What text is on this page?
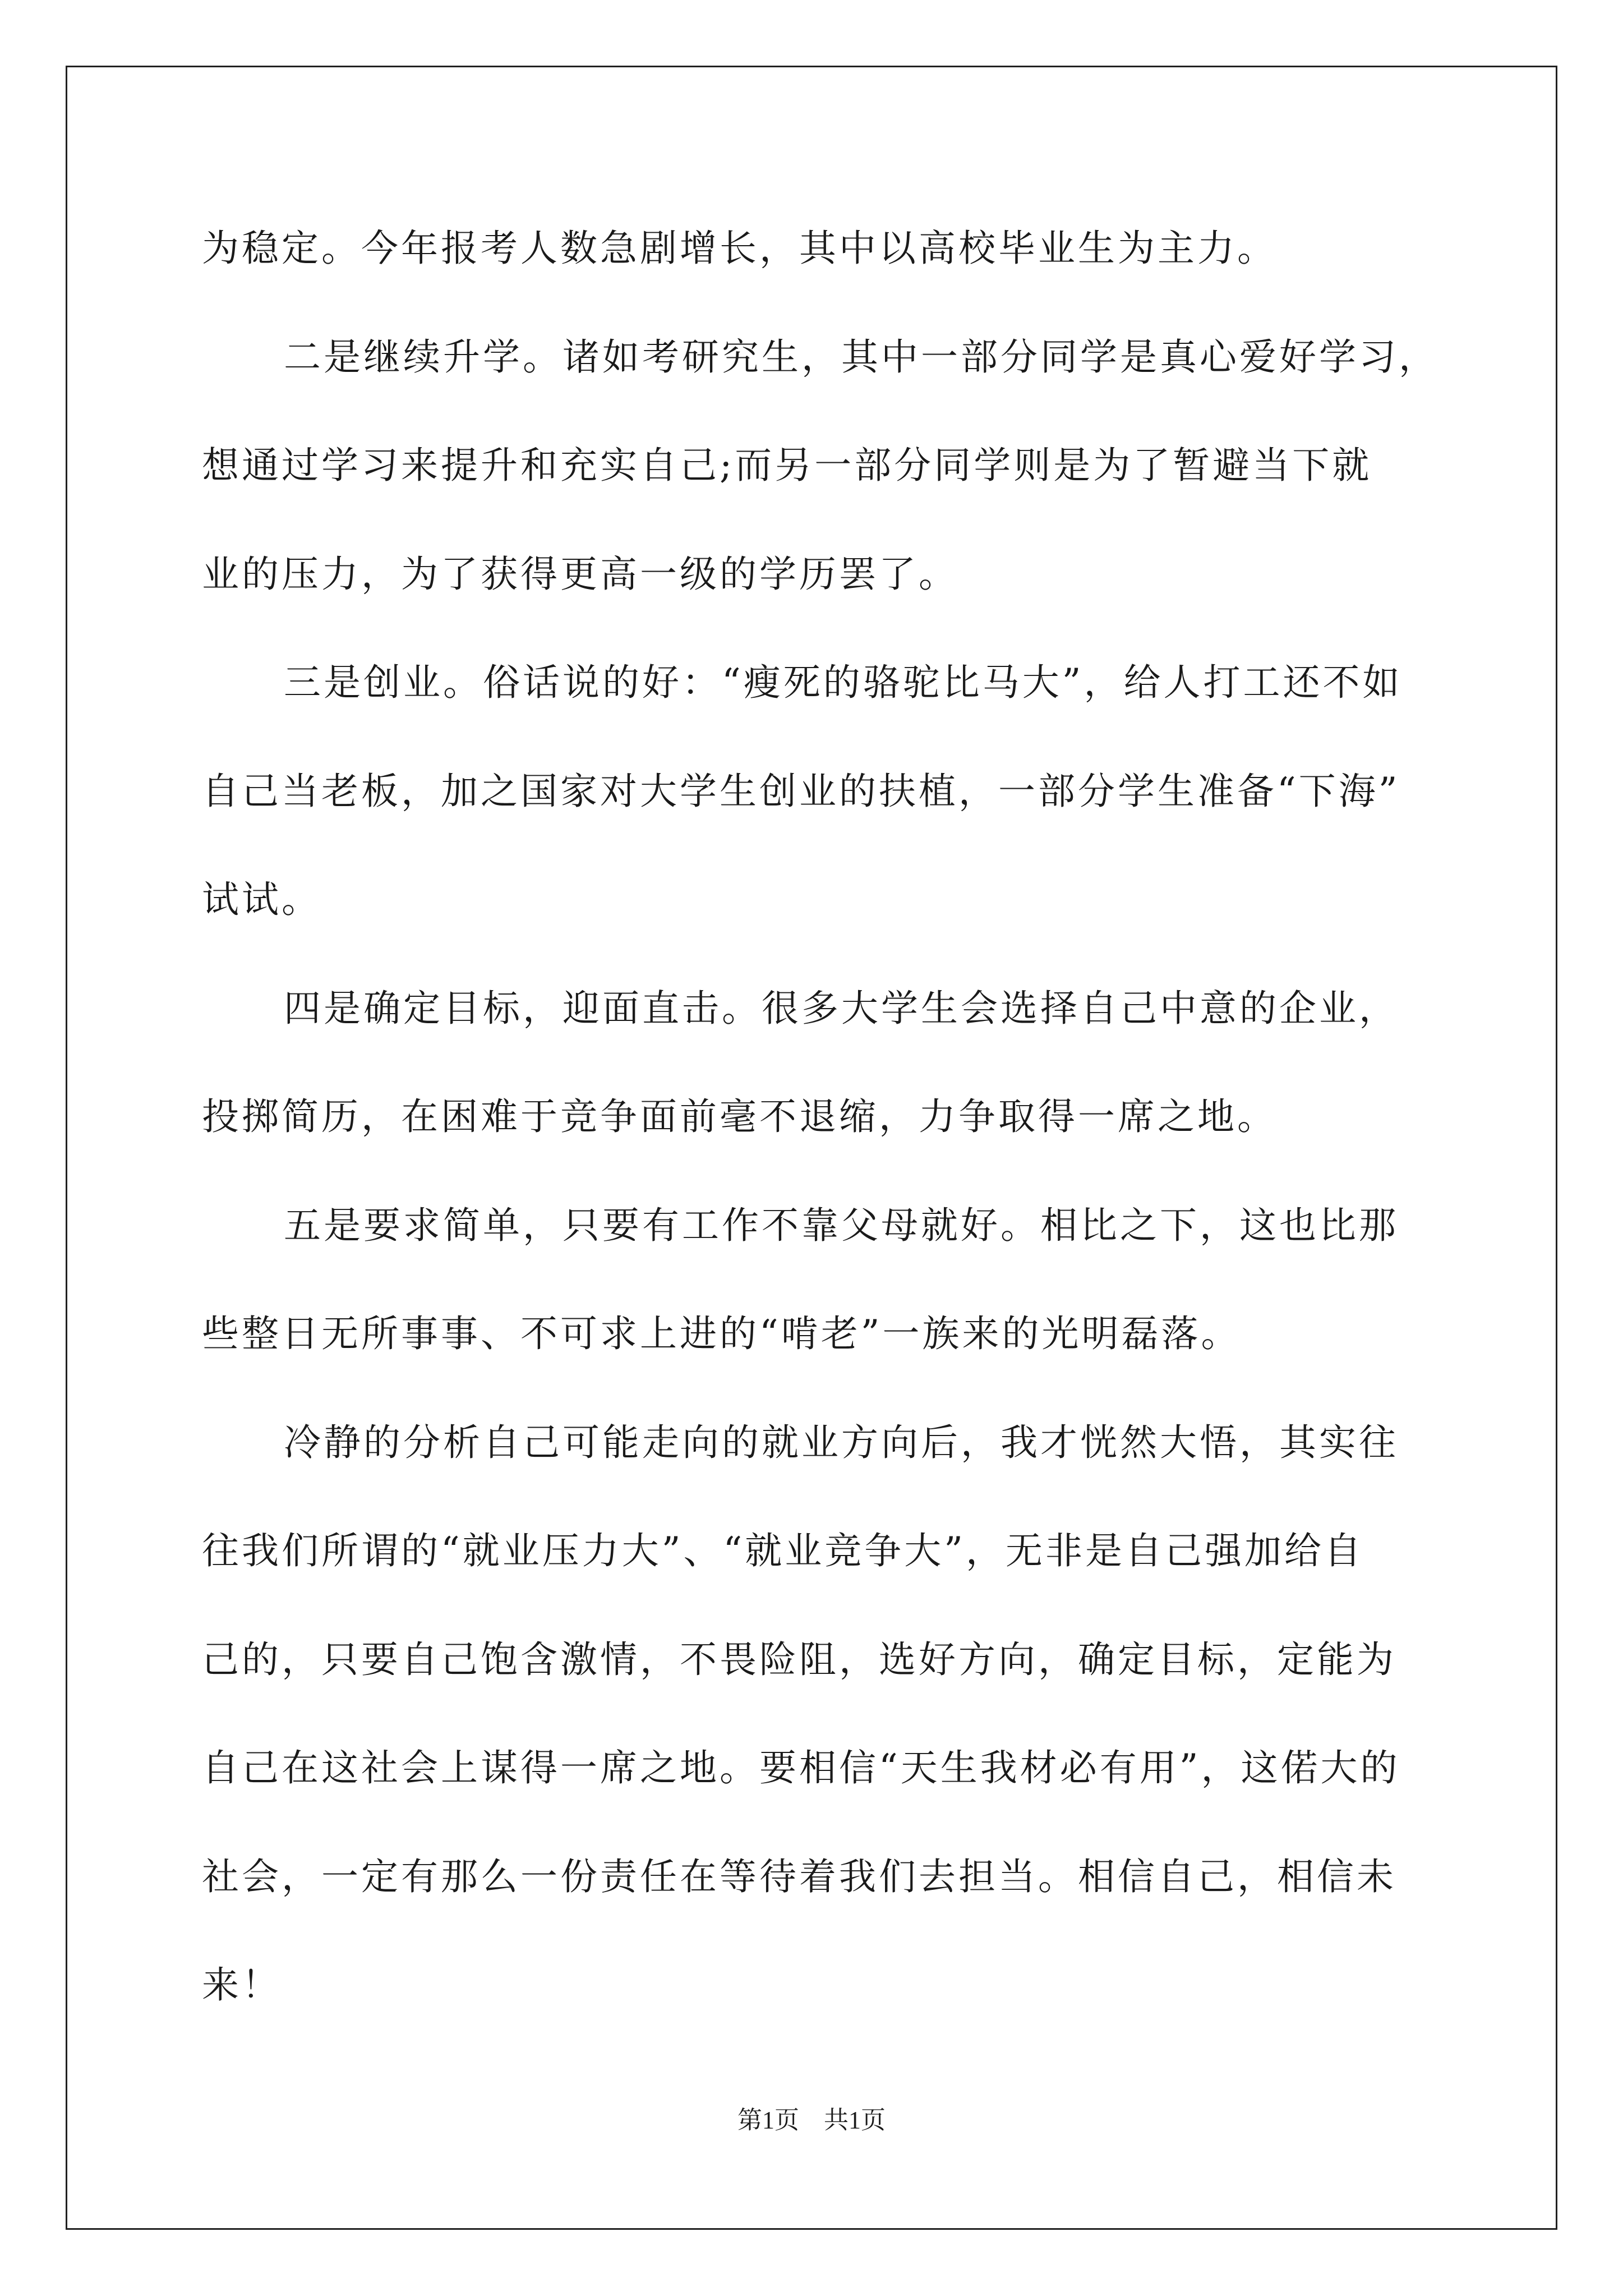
为稳定。今年报考人数急剧增长，其中以高校毕业生为主力。
二是继续升学。诸如考研究生，其中一部分同学是真心爱好学习，
想通过学习来提升和充实自己;而另一部分同学则是为了暂避当下就
业的压力，为了获得更高一级的学历罢了。
三是创业。俗话说的好：“瘦死的骆驼比马大”，给人打工还不如
自己当老板，加之国家对大学生创业的扶植，一部分学生准备“下海”
试试。
四是确定目标，迎面直击。很多大学生会选择自己中意的企业，
投掷简历，在困难于竞争面前毫不退缩，力争取得一席之地。
五是要求简单，只要有工作不靠父母就好。相比之下，这也比那
些整日无所事事、不可求上进的“啃老”一族来的光明磊落。
冷静的分析自己可能走向的就业方向后，我才恍然大悟，其实往
往我们所谓的“就业压力大”、“就业竞争大”，无非是自己强加给自
己的，只要自己饱含激情，不畏险阻，选好方向，确定目标，定能为
自己在这社会上谋得一席之地。要相信“天生我材必有用”，这偌大的
社会，一定有那么一份责任在等待着我们去担当。相信自己，相信未
来！
第1页　共1页
